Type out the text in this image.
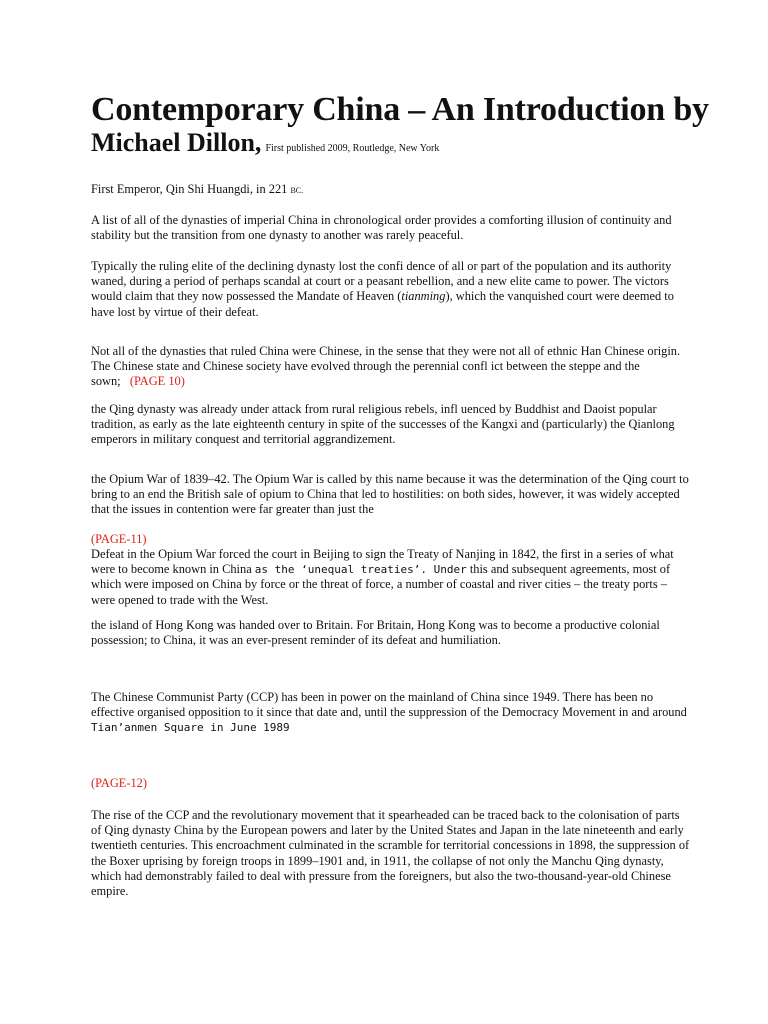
Contemporary China – An Introduction by

Michael Dillon, First published 2009, Routledge, New York

First Emperor, Qin Shi Huangdi, in 221 BC.

A list of all of the dynasties of imperial China in chronological order provides a comforting illusion of continuity and stability but the transition from one dynasty to another was rarely peaceful.

Typically the ruling elite of the declining dynasty lost the confi dence of all or part of the population and its authority waned, during a period of perhaps scandal at court or a peasant rebellion, and a new elite came to power. The victors would claim that they now possessed the Mandate of Heaven (tianming), which the vanquished court were deemed to have lost by virtue of their defeat.

Not all of the dynasties that ruled China were Chinese, in the sense that they were not all of ethnic Han Chinese origin. The Chinese state and Chinese society have evolved through the perennial confl ict between the steppe and the sown; (PAGE 10)

the Qing dynasty was already under attack from rural religious rebels, infl uenced by Buddhist and Daoist popular tradition, as early as the late eighteenth century in spite of the successes of the Kangxi and (particularly) the Qianlong emperors in military conquest and territorial aggrandizement.

the Opium War of 1839–42. The Opium War is called by this name because it was the determination of the Qing court to bring to an end the British sale of opium to China that led to hostilities: on both sides, however, it was widely accepted that the issues in contention were far greater than just the

(PAGE-11)

Defeat in the Opium War forced the court in Beijing to sign the Treaty of Nanjing in 1842, the first in a series of what were to become known in China as the ‘unequal treaties’. Under this and subsequent agreements, most of which were imposed on China by force or the threat of force, a number of coastal and river cities – the treaty ports – were opened to trade with the West.

the island of Hong Kong was handed over to Britain. For Britain, Hong Kong was to become a productive colonial possession; to China, it was an ever-present reminder of its defeat and humiliation.

The Chinese Communist Party (CCP) has been in power on the mainland of China since 1949. There has been no effective organised opposition to it since that date and, until the suppression of the Democracy Movement in and around Tian’anmen Square in June 1989

(PAGE-12)

The rise of the CCP and the revolutionary movement that it spearheaded can be traced back to the colonisation of parts of Qing dynasty China by the European powers and later by the United States and Japan in the late nineteenth and early twentieth centuries. This encroachment culminated in the scramble for territorial concessions in 1898, the suppression of the Boxer uprising by foreign troops in 1899–1901 and, in 1911, the collapse of not only the Manchu Qing dynasty, which had demonstrably failed to deal with pressure from the foreigners, but also the two-thousand-year-old Chinese empire.
